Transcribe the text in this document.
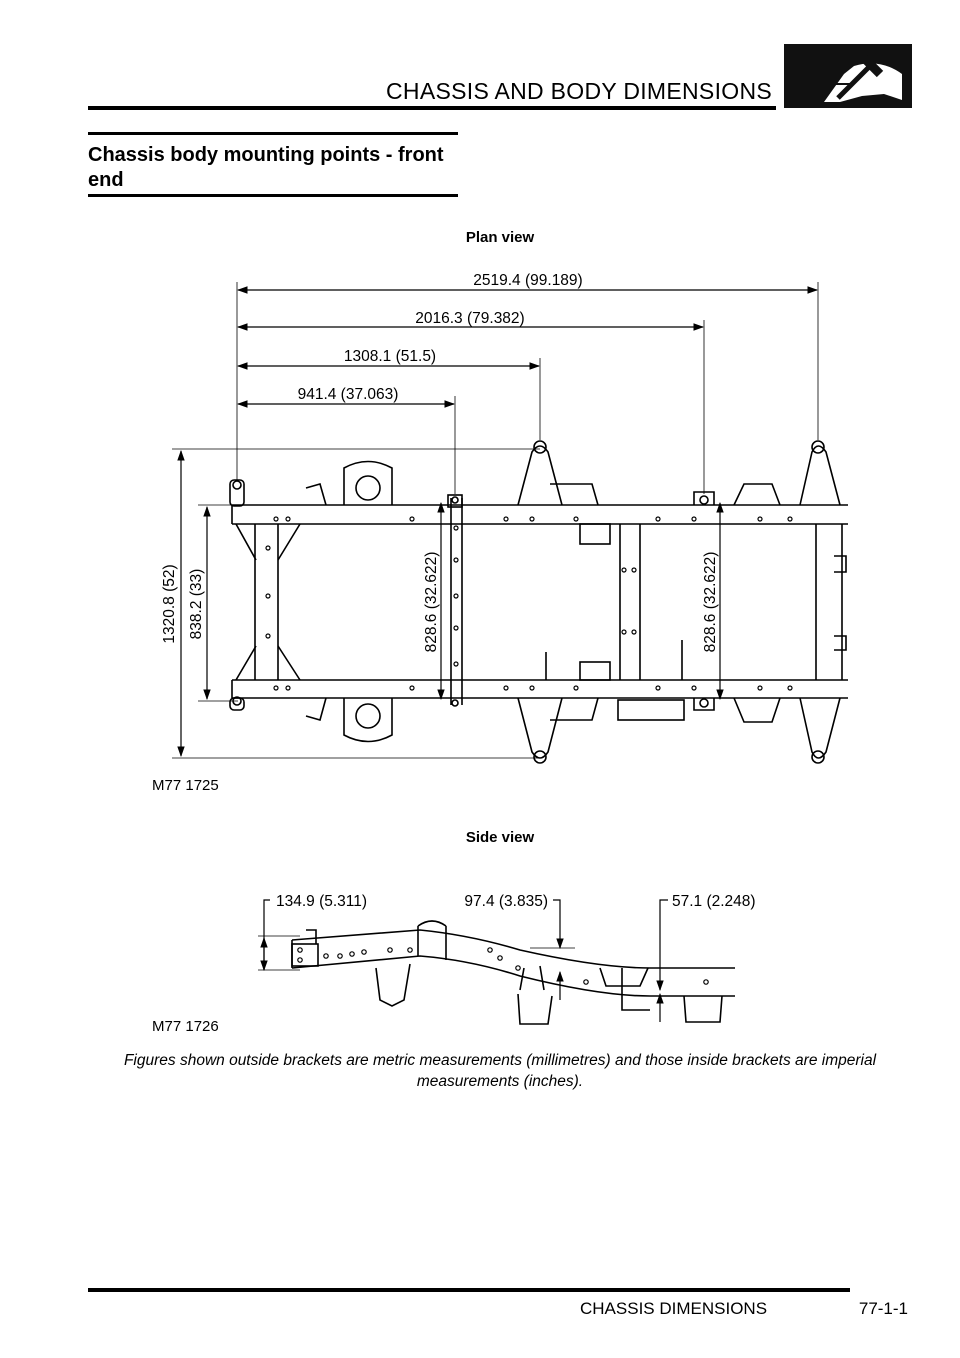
CHASSIS AND BODY DIMENSIONS
Chassis body mounting points - front end
Plan view
2519.4 (99.189)
2016.3 (79.382)
1308.1 (51.5)
941.4 (37.063)
1320.8 (52) 838.2 (33)	828.6 (32.622)	828.6 (32.622)
M77 1725
Side view
134.9 (5.311)	97.4 (3.835)	57.1 (2.248)
M77 1726
Figures shown outside brackets are metric measurements (millimetres) and those inside brackets are imperial measurements (inches).
CHASSIS DIMENSIONS	77-1-1
